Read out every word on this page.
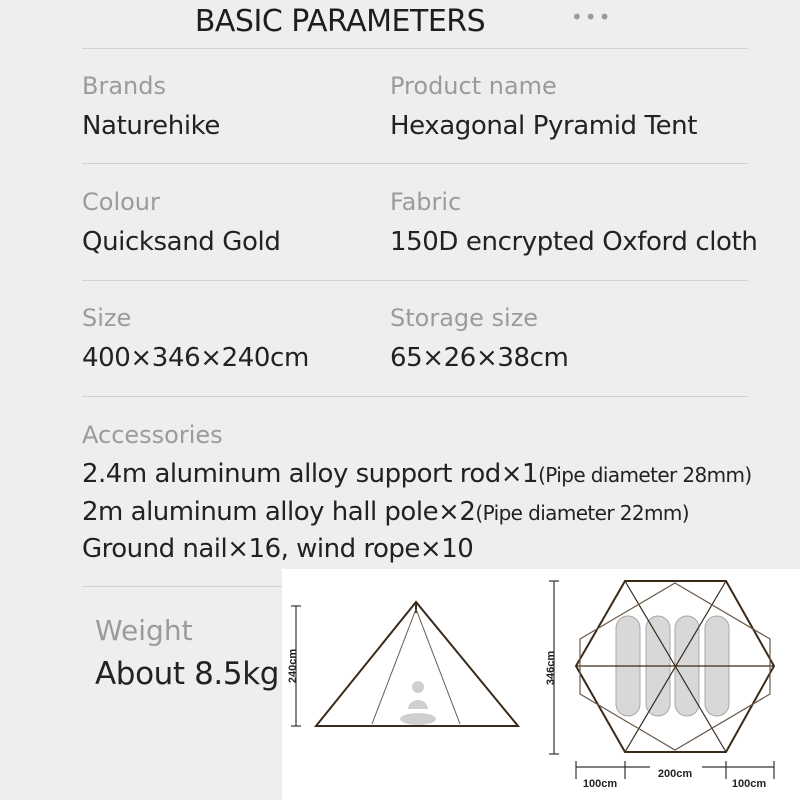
BASIC PARAMETERS	•••
Brands
Naturehike
Product name
Hexagonal Pyramid Tent
Colour
Quicksand Gold
Fabric
150D encrypted Oxford cloth
Size
400×346×240cm
Storage size
65×26×38cm
Accessories
2.4m aluminum alloy support rod×1(Pipe diameter 28mm)
2m aluminum alloy hall pole×2(Pipe diameter 22mm)
Ground nail×16, wind rope×10
Weight
About 8.5kg 240cm	346cm
100cm
200cm
100cm
